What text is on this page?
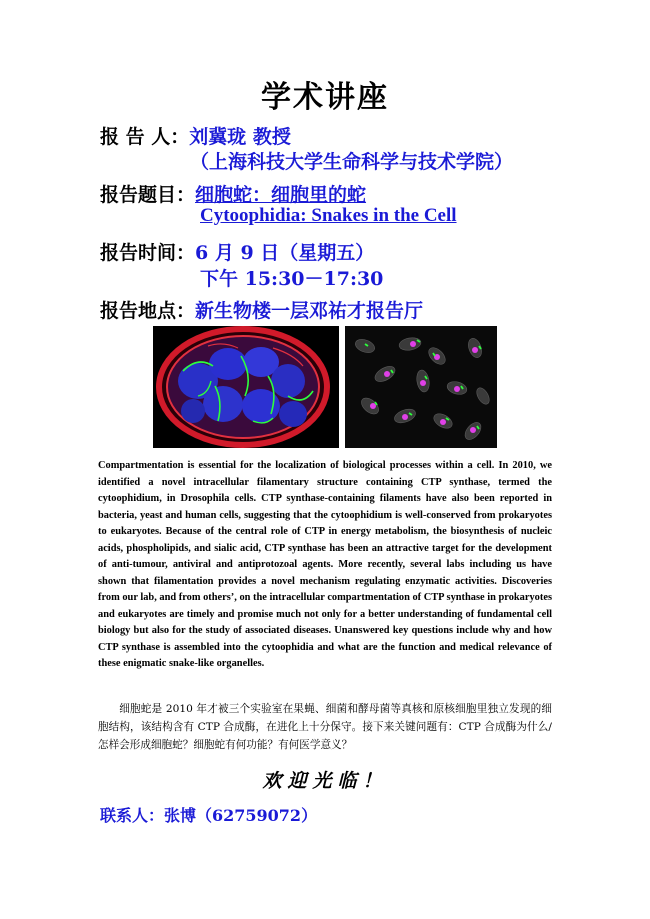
学术讲座
报 告 人：刘冀珑 教授
（上海科技大学生命科学与技术学院）
报告题目：细胞蛇：细胞里的蛇
Cytoophidia: Snakes in the Cell
报告时间：6 月 9 日（星期五）
下午 15:30－17:30
报告地点：新生物楼一层邓祐才报告厅

Compartmentation is essential for the localization of biological processes within a cell. In 2010, we identified a novel intracellular filamentary structure containing CTP synthase, termed the cytoophidium, in Drosophila cells. CTP synthase-containing filaments have also been reported in bacteria, yeast and human cells, suggesting that the cytoophidium is well-conserved from prokaryotes to eukaryotes. Because of the central role of CTP in energy metabolism, the biosynthesis of nucleic acids, phospholipids, and sialic acid, CTP synthase has been an attractive target for the development of anti-tumour, antiviral and antiprotozoal agents. More recently, several labs including us have shown that filamentation provides a novel mechanism regulating enzymatic activities. Discoveries from our lab, and from others’, on the intracellular compartmentation of CTP synthase in prokaryotes and eukaryotes are timely and promise much not only for a better understanding of fundamental cell biology but also for the study of associated diseases. Unanswered key questions include why and how CTP synthase is assembled into the cytoophidia and what are the function and medical relevance of these enigmatic snake-like organelles.

细胞蛇是 2010 年才被三个实验室在果蝇、细菌和酵母菌等真核和原核细胞里独立发现的细胞结构，该结构含有 CTP 合成酶，在进化上十分保守。接下来关键问题有：CTP 合成酶为什么/怎样会形成细胞蛇？细胞蛇有何功能？有何医学意义？

欢迎光临！
联系人：张博（62759072）
